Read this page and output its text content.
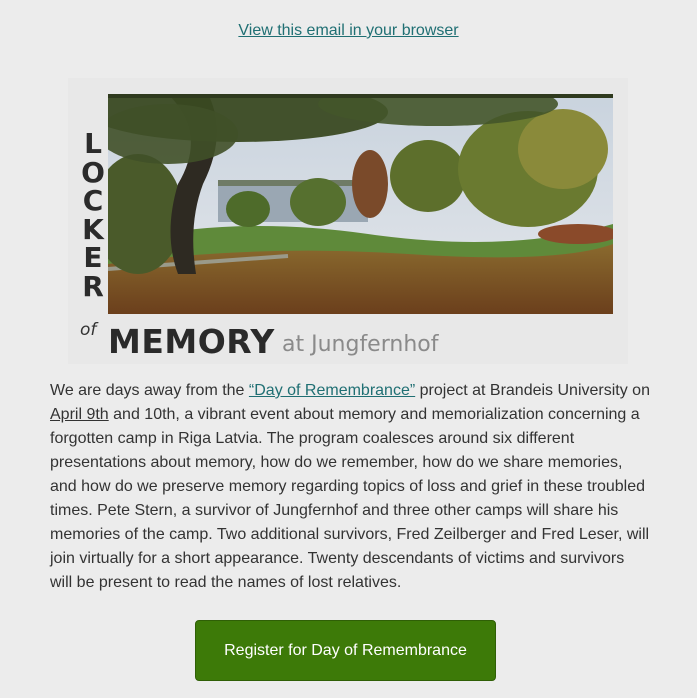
View this email in your browser
L
O
C
K
E
R
of MEMORY at Jungfernhof

We are days away from the “Day of Remembrance” project at Brandeis University on April 9th and 10th, a vibrant event about memory and memorialization concerning a forgotten camp in Riga Latvia. The program coalesces around six different presentations about memory, how do we remember, how do we share memories, and how do we preserve memory regarding topics of loss and grief in these troubled times. Pete Stern, a survivor of Jungfernhof and three other camps will share his memories of the camp. Two additional survivors, Fred Zeilberger and Fred Leser, will join virtually for a short appearance. Twenty descendants of victims and survivors will be present to read the names of lost relatives.

Register for Day of Remembrance
